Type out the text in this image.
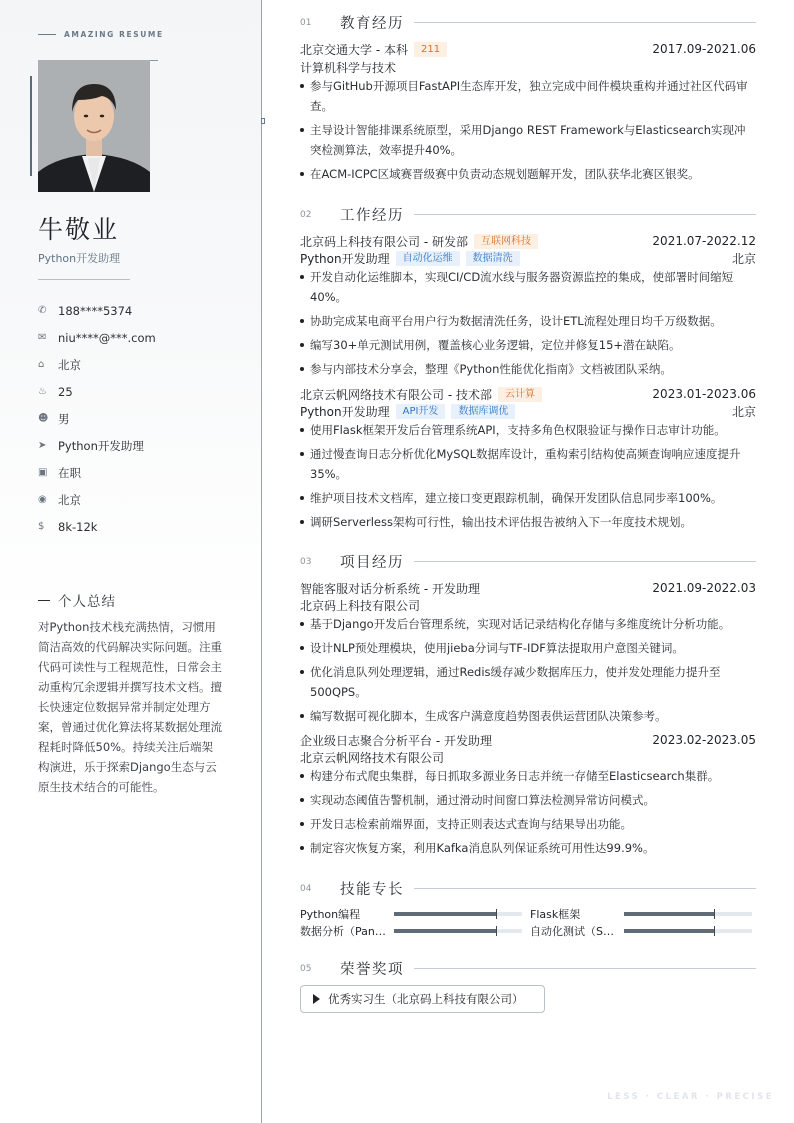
AMAZING RESUME
牛敬业
Python开发助理
✆	188****5374
✉	niu****@***.com
⌂	北京
♨ 25
☻ 男
➤	Python开发助理
▣ 在职
◉ 北京
$	8k-12k
个人总结
对Python技术栈充满热情，习惯用简洁高效的代码解决实际问题。注重代码可读性与工程规范性，日常会主动重构冗余逻辑并撰写技术文档。擅长快速定位数据异常并制定处理方案，曾通过优化算法将某数据处理流程耗时降低50%。持续关注后端架构演进，乐于探索Django生态与云原生技术结合的可能性。
01	教育经历
北京交通大学 - 本科	211	2017.09-2021.06
计算机科学与技术
参与GitHub开源项目FastAPI生态库开发，独立完成中间件模块重构并通过社区代码审查。
主导设计智能排课系统原型，采用Django REST Framework与Elasticsearch实现冲突检测算法，效率提升40%。
在ACM-ICPC区域赛晋级赛中负责动态规划题解开发，团队获华北赛区银奖。
02	工作经历
北京码上科技有限公司 - 研发部	互联网科技	2021.07-2022.12
Python开发助理	自动化运维	数据清洗	北京
开发自动化运维脚本，实现CI/CD流水线与服务器资源监控的集成，使部署时间缩短40%。
协助完成某电商平台用户行为数据清洗任务，设计ETL流程处理日均千万级数据。
编写30+单元测试用例，覆盖核心业务逻辑，定位并修复15+潜在缺陷。
参与内部技术分享会，整理《Python性能优化指南》文档被团队采纳。
北京云帆网络技术有限公司 - 技术部	云计算	2023.01-2023.06
Python开发助理	API开发	数据库调优	北京
使用Flask框架开发后台管理系统API，支持多角色权限验证与操作日志审计功能。
通过慢查询日志分析优化MySQL数据库设计，重构索引结构使高频查询响应速度提升35%。
维护项目技术文档库，建立接口变更跟踪机制，确保开发团队信息同步率100%。
调研Serverless架构可行性，输出技术评估报告被纳入下一年度技术规划。
03	项目经历
智能客服对话分析系统 - 开发助理	2021.09-2022.03
北京码上科技有限公司
基于Django开发后台管理系统，实现对话记录结构化存储与多维度统计分析功能。
设计NLP预处理模块，使用jieba分词与TF-IDF算法提取用户意图关键词。
优化消息队列处理逻辑，通过Redis缓存减少数据库压力，使并发处理能力提升至500QPS。
编写数据可视化脚本，生成客户满意度趋势图表供运营团队决策参考。
企业级日志聚合分析平台 - 开发助理	2023.02-2023.05
北京云帆网络技术有限公司
构建分布式爬虫集群，每日抓取多源业务日志并统一存储至Elasticsearch集群。
实现动态阈值告警机制，通过滑动时间窗口算法检测异常访问模式。
开发日志检索前端界面，支持正则表达式查询与结果导出功能。
制定容灾恢复方案，利用Kafka消息队列保证系统可用性达99.9%。
04	技能专长
Python编程	Flask框架
数据分析（Pan…	自动化测试（S…
05	荣誉奖项
优秀实习生（北京码上科技有限公司）
LESS · CLEAR · PRECISE
